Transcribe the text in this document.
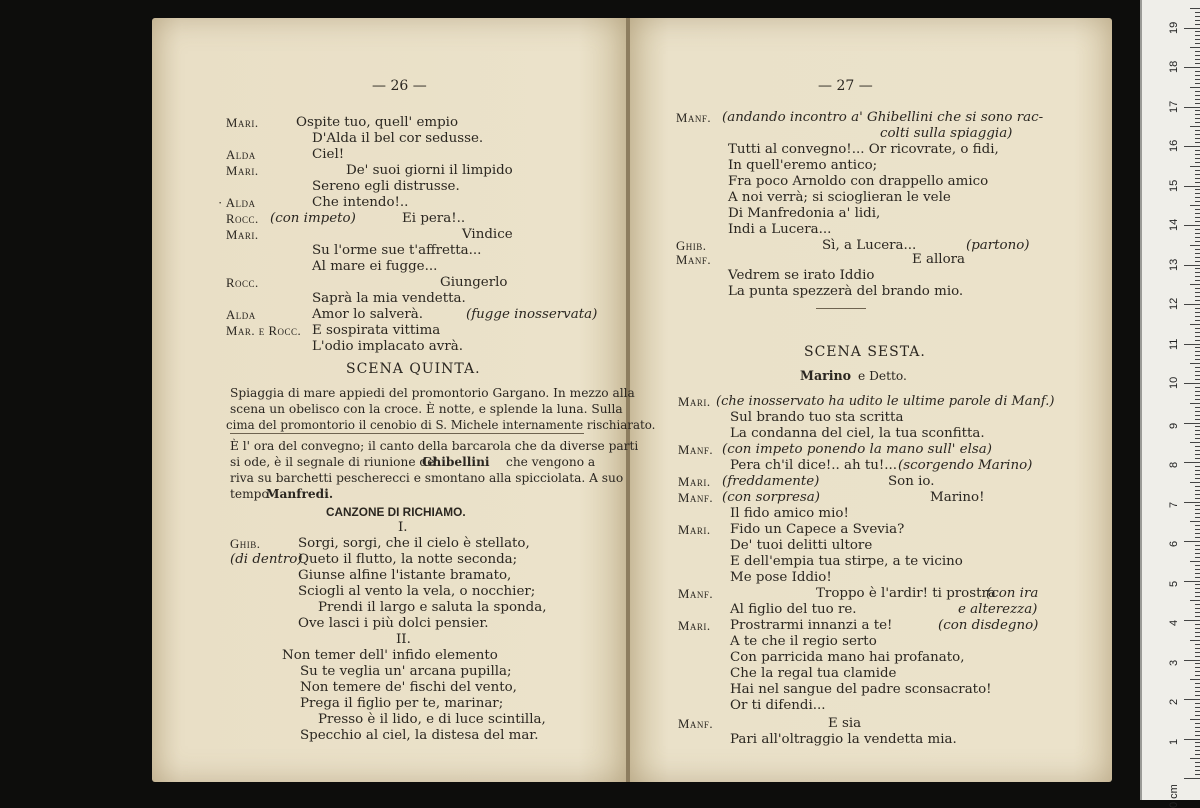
— 26 —
Mari.	Ospite tuo, quell' empio
D'Alda il bel cor sedusse.
Alda	Ciel!
Mari.	De' suoi giorni il limpido
Sereno egli distrusse.
· Alda	Che intendo!..
Rocc. (con impeto)	Ei pera!..
Mari.	Vindice
Su l'orme sue t'affretta...
Al mare ei fugge...
Rocc.	Giungerlo
Saprà la mia vendetta.
Alda	Amor lo salverà.	(fugge inosservata)
Mar. e Rocc. E sospirata vittima
L'odio implacato avrà.
SCENA QUINTA.
Spiaggia di mare appiedi del promontorio Gargano. In mezzo alla
scena un obelisco con la croce. È notte, e splende la luna. Sulla
cima del promontorio il cenobio di S. Michele internamente rischiarato.
È l' ora del convegno; il canto della barcarola che da diverse parti
si ode, è il segnale di riunione de'
Ghibellini che vengono a
riva su barchetti pescherecci e smontano alla spicciolata. A suo
tempo
Manfredi.
CANZONE DI RICHIAMO.
I.
Ghib.
(di dentro)
Sorgi, sorgi, che il cielo è stellato,
Queto il flutto, la notte seconda;
Giunse alfine l'istante bramato,
Sciogli al vento la vela, o nocchier;
Prendi il largo e saluta la sponda,
Ove lasci i più dolci pensier.
II.
Non temer dell' infido elemento
Su te veglia un' arcana pupilla;
Non temere de' fischi del vento,
Prega il figlio per te, marinar;
Presso è il lido, e di luce scintilla,
Specchio al ciel, la distesa del mar.
— 27 —
Manf. (andando incontro a' Ghibellini che si sono rac-
colti sulla spiaggia)
Tutti al convegno!... Or ricovrate, o fidi,
In quell'eremo antico;
Fra poco Arnoldo con drappello amico
A noi verrà; si scioglieran le vele
Di Manfredonia a' lidi,
Indi a Lucera...
Ghib.	Sì, a Lucera...	(partono)
Manf.	E allora
Vedrem se irato Iddio
La punta spezzerà del brando mio.
SCENA SESTA.
Marino e Detto.
Mari. (che inosservato ha udito le ultime parole di Manf.)
Sul brando tuo sta scritta
La condanna del ciel, la tua sconfitta.
Manf. (con impeto ponendo la mano sull' elsa)
Pera ch'il dice!.. ah tu!... (scorgendo Marino)
Mari. (freddamente)	Son io.
Manf. (con sorpresa)	Marino!
Il fido amico mio!
Mari. Fido un Capece a Svevia?
De' tuoi delitti ultore
E dell'empia tua stirpe, a te vicino
Me pose Iddio!
Manf.	Troppo è l'ardir! ti prostra
(con ira
Al figlio del tuo re.	e alterezza)
Mari. Prostrarmi innanzi a te!	(con disdegno)
A te che il regio serto
Con parricida mano hai profanato,
Che la regal tua clamide
Hai nel sangue del padre sconsacrato!
Or ti difendi...
Manf.	E sia
Pari all'oltraggio la vendetta mia.
0 cm
1
2
3
4
5
6
7
8
9
10
11
12
13
14
15
16
17
18
19
